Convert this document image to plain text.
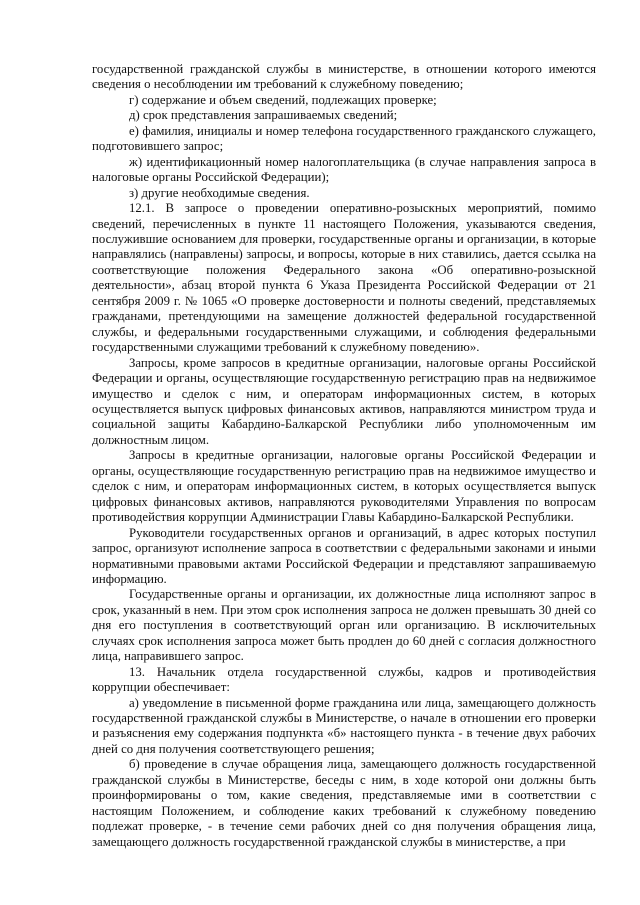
государственной гражданской службы в министерстве, в отношении которого имеются сведения о несоблюдении им требований к служебному поведению;

г) содержание и объем сведений, подлежащих проверке;

д) срок представления запрашиваемых сведений;

е) фамилия, инициалы и номер телефона государственного гражданского служащего, подготовившего запрос;

ж) идентификационный номер налогоплательщика (в случае направления запроса в налоговые органы Российской Федерации);

з) другие необходимые сведения.

12.1. В запросе о проведении оперативно-розыскных мероприятий, помимо сведений, перечисленных в пункте 11 настоящего Положения, указываются сведения, послужившие основанием для проверки, государственные органы и организации, в которые направлялись (направлены) запросы, и вопросы, которые в них ставились, дается ссылка на соответствующие положения Федерального закона «Об оперативно-розыскной деятельности», абзац второй пункта 6 Указа Президента Российской Федерации от 21 сентября 2009 г. № 1065 «О проверке достоверности и полноты сведений, представляемых гражданами, претендующими на замещение должностей федеральной государственной службы, и федеральными государственными служащими, и соблюдения федеральными государственными служащими требований к служебному поведению».

Запросы, кроме запросов в кредитные организации, налоговые органы Российской Федерации и органы, осуществляющие государственную регистрацию прав на недвижимое имущество и сделок с ним, и операторам информационных систем, в которых осуществляется выпуск цифровых финансовых активов, направляются министром труда и социальной защиты Кабардино-Балкарской Республики либо уполномоченным им должностным лицом.

Запросы в кредитные организации, налоговые органы Российской Федерации и органы, осуществляющие государственную регистрацию прав на недвижимое имущество и сделок с ним, и операторам информационных систем, в которых осуществляется выпуск цифровых финансовых активов, направляются руководителями Управления по вопросам противодействия коррупции Администрации Главы Кабардино-Балкарской Республики.

Руководители государственных органов и организаций, в адрес которых поступил запрос, организуют исполнение запроса в соответствии с федеральными законами и иными нормативными правовыми актами Российской Федерации и представляют запрашиваемую информацию.

Государственные органы и организации, их должностные лица исполняют запрос в срок, указанный в нем. При этом срок исполнения запроса не должен превышать 30 дней со дня его поступления в соответствующий орган или организацию. В исключительных случаях срок исполнения запроса может быть продлен до 60 дней с согласия должностного лица, направившего запрос.

13. Начальник отдела государственной службы, кадров и противодействия коррупции обеспечивает:

а) уведомление в письменной форме гражданина или лица, замещающего должность государственной гражданской службы в Министерстве, о начале в отношении его проверки и разъяснения ему содержания подпункта «б» настоящего пункта - в течение двух рабочих дней со дня получения соответствующего решения;

б) проведение в случае обращения лица, замещающего должность государственной гражданской службы в Министерстве, беседы с ним, в ходе которой они должны быть проинформированы о том, какие сведения, представляемые ими в соответствии с настоящим Положением, и соблюдение каких требований к служебному поведению подлежат проверке, - в течение семи рабочих дней со дня получения обращения лица, замещающего должность государственной гражданской службы в министерстве, а при
